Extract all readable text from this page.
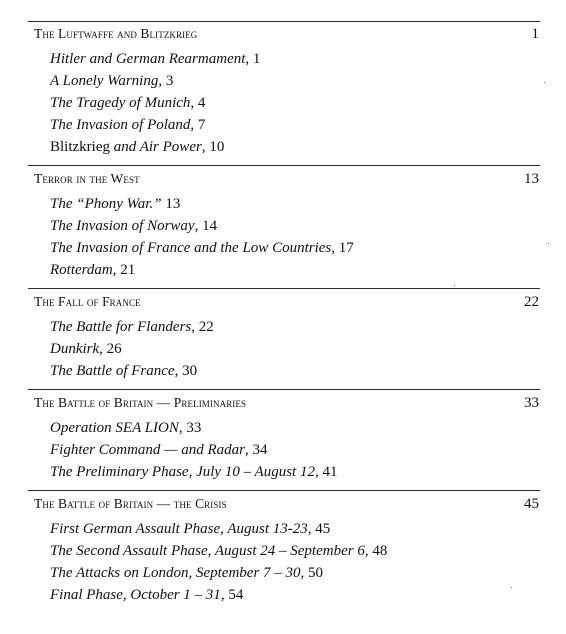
The Luftwaffe and Blitzkrieg	1
Hitler and German Rearmament, 1
A Lonely Warning, 3
The Tragedy of Munich, 4
The Invasion of Poland, 7
Blitzkrieg and Air Power, 10
Terror in the West	13
The “Phony War.” 13
The Invasion of Norway, 14
The Invasion of France and the Low Countries, 17
Rotterdam, 21
The Fall of France	22
The Battle for Flanders, 22
Dunkirk, 26
The Battle of France, 30
The Battle of Britain — Preliminaries	33
Operation SEA LION, 33
Fighter Command — and Radar, 34
The Preliminary Phase, July 10 – August 12, 41
The Battle of Britain — the Crisis	45
First German Assault Phase, August 13-23, 45
The Second Assault Phase, August 24 – September 6, 48
The Attacks on London, September 7 – 30, 50
Final Phase, October 1 – 31, 54
